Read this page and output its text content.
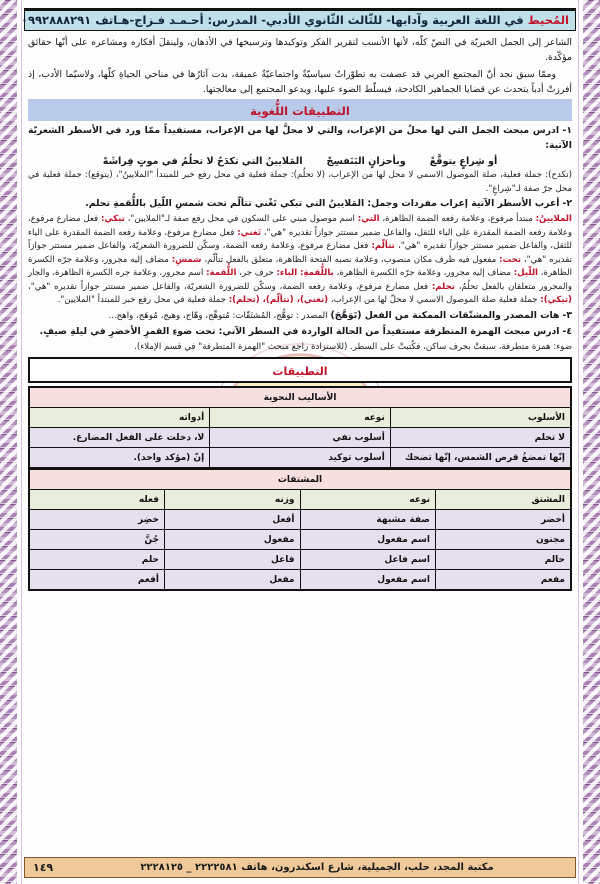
المُحيط في اللغة العربية وآدابها- للثّالث الثّانوي الأدبي- المدرس: أحـمـد فـزاج-هـاتف ٠٩٩٢٨٨٨٢٩١

الشاعر إلى الجمل الخبريّة في النصّ كلّه، لأنها الأنسب لتقرير الفكر وتوكيدها وترسيخها في الأذهان، ولينقلَ أفكاره ومشاعره على أنّها حقائق مؤكّدة.

وممّا سبق نجد أنّ المجتمع العربي قد عصفت به تطوّراتٌ سياسيّةٌ واجتماعيّةٌ عميقة، بدت آثارُها في مناحي الحياةِ كلّها، ولاسيّما الأدب، إذ أفرزتْ أدباً يتحدث عن قضايا الجماهير الكادحة، فيسلّط الضوء عليها، ويدعو المجتمع إلى معالجتها.

التطبيقات اللُّغوية

١- ادرس مبحث الجمل التي لها محلٌ من الإعراب، والتي لا محلَّ لها من الإعراب، مستفيداً ممّا ورد في الأسطر الشعريّة الآتية:

أو شِراعٍ يتوقَّعْ
وبأحزانٍ البَنَفسِجْ
المَلايينُ التي تكدَحُ لا تحلُمُ في موتٍ فِراشَهْ

(تكدح): جملة فعلية، صلة الموصول الاسمي لا محل لها من الإعراب، (لا تحلُم): جملة فعلية في محل رفع خبر للمبتدأ "الملايينُ"، (يتوقع): جملة فعلية في محل جرّ صفة لـ"شِراعٍ".

٢- أعرب الأسطر الآتية إعراب مفردات وجمل: المَلايينُ التي تبكي تَغْني تتألّم تحت شمسِ اللّيل باللُّقمةِ تحلم.

الملايينُ: مبتدأ مرفوع، وعلامة رفعه الضمة الظاهرة، التي: اسم موصول مبني على السكون في محل رفع صفة لـ"الملايين"، تبكي: فعل مضارع مرفوع، وعلامة رفعه الضمة المقدرة على الياء للثقل، والفاعل ضمير مستتر جوازاً تقديره "هي"، تَغني: فعل مضارع مرفوع، وعلامة رفعه الضمة المقدرة على الياء للثقل، والفاعل ضمير مستتر جوازاً تقديره "هي"، تتألّم: فعل مضارع مرفوع، وعلامة رفعه الضمة، وسكّن للضرورة الشعريّة، والفاعل ضمير مستتر جوازاً تقديره "هي"، تحت: مفعول فيه ظرف مكان منصوب، وعلامة نصبه الفتحة الظاهرة، متعلق بالفعل تتألّم، شمسِ: مضاف إليه مجرور، وعلامة جرّه الكسرة الظاهرة، اللّيل: مضاف إليه مجرور، وعلامة جرّه الكسرة الظاهرة، باللُّقمةِ: الباء: حرف جر، اللُّقمة: اسم مجرور، وعلامة جره الكسرة الظاهرة، والجار والمجرور متعلقان بالفعل تحلُمُ، تحلم: فعل مضارع مرفوع، وعلامة رفعه الضمة، وسكّن للضرورة الشعريّة، والفاعل ضمير مستتر جوازاً تقديره "هي"، (تبكي): جملة فعلية صلة الموصول الاسمي لا محلّ لها من الإعراب، (تغني)، (تتألّم)، (تحلم): جملة فعلية في محل رفع خبر للمبتدأ "الملايين".

٣- هات المصدر والمشتّقات الممكنة من الفعل (تَوَهَّجَ) المصدر : توهُّج، المُشتَقّات: مُتوهِّج، وهّاج، وهيج، مُوهَج، واهج...

٤- ادرس مبحث الهمزة المتطرفة مستفيداً من الحالة الواردة في السطر الآتي: تحت ضوءِ القمرِ الأخضرِ في ليلةِ صيفٍ.

ضوء: همزة متطرفة، سبقتْ بحرف ساكن، فكُتبتْ على السطر. (للاستزادة راجع مبحث "الهمزة المتطرفة" في قسم الإملاء).

التطبيقات
الأساليب النحوية		
الأسلوب	نوعه	أدواته
لا تحلم	أسلوب نفي	لا، دخلت على الفعل المضارع.
إنّها تمضغُ قرص الشمس، إنّها تضحك	أسلوب توكيد	إنّ (مؤكد واحد).
المشتقات			
المشتق	نوعه	وزنه	فعله
أخضر	صفة مشبهة	أفعل	خضِر
مجنون	اسم مفعول	مفعول	جُنَّ
حالم	اسم فاعل	فاعل	حلم
مفعم	اسم مفعول	مفعل	أفعم
مكتبة المجد، حلب، الجميلية، شارع اسكندرون، هاتف ٢٢٢٢٥٨١ _ ٢٢٢٨١٢٥
١٤٩
